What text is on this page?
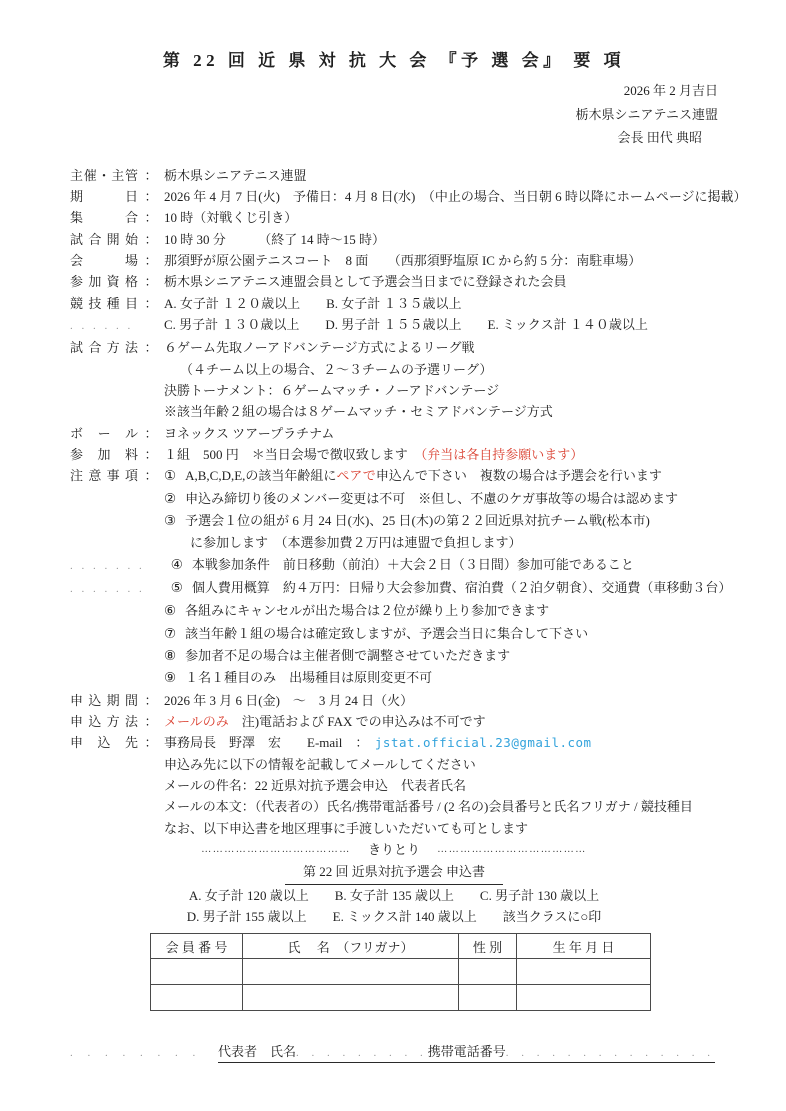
第 22 回 近 県 対 抗 大 会 『予 選 会』 要 項
2026 年 2 月吉日
栃木県シニアテニス連盟
会長 田代 典昭
主催・主管 ： 栃木県シニアテニス連盟
期日 ： 2026 年 4 月 7 日(火)　予備日：4 月 8 日(水)　（中止の場合、当日朝 6 時以降にホームページに掲載）
集合 ： 10 時（対戦くじ引き）
試合開始 ： 10 時 30 分　　　（終了 14 時～15 時）
会場 ： 那須野が原公園テニスコート　8 面　　（西那須野塩原 IC から約 5 分：南駐車場）
参加資格 ： 栃木県シニアテニス連盟会員として予選会当日までに登録された会員
競技種目 ： A. 女子計 １２０歳以上　　B. 女子計 １３５歳以上
. . . . . .	C. 男子計 １３０歳以上　　D. 男子計 １５５歳以上　　E. ミックス計 １４０歳以上
試合方法 ： ６ゲーム先取ノーアドバンテージ方式によるリーグ戦
（４チーム以上の場合、２～３チームの予選リーグ）
決勝トーナメント：６ゲームマッチ・ノーアドバンテージ
※該当年齢２組の場合は８ゲームマッチ・セミアドバンテージ方式
ボール ： ヨネックス ツアープラチナム
参加料 ： １組　500 円　＊当日会場で徴収致します　（弁当は各自持参願います）
注意事項 ： ① A,B,C,D,E,の該当年齢組にペアで申込んで下さい　複数の場合は予選会を行います
② 申込み締切り後のメンバー変更は不可　※但し、不慮のケガ事故等の場合は認めます
③ 予選会１位の組が 6 月 24 日(水)、25 日(木)の第２２回近県対抗チーム戦(松本市)
に参加します　（本選参加費２万円は連盟で負担します）
. . . . . . . ④ 本戦参加条件　前日移動（前泊）＋大会２日（３日間）参加可能であること
. . . . . . . ⑤ 個人費用概算　約４万円：日帰り大会参加費、宿泊費（２泊夕朝食）、交通費（車移動３台）
⑥ 各組みにキャンセルが出た場合は２位が繰り上り参加できます
⑦ 該当年齢１組の場合は確定致しますが、予選会当日に集合して下さい
⑧ 参加者不足の場合は主催者側で調整させていただきます
⑨ １名１種目のみ　出場種目は原則変更不可
申込期間 ： 2026 年 3 月 6 日(金)　～　3 月 24 日（火）
申込方法 ： メールのみ　注)電話および FAX での申込みは不可です
申込先 ： 事務局長　野澤　宏　　E-mail　：　jstat.official.23@gmail.com
申込み先に以下の情報を記載してメールしてください
メールの件名：22 近県対抗予選会申込　代表者氏名
メールの本文：（代表者の）氏名/携帯電話番号 / (2 名の)会員番号と氏名フリガナ / 競技種目
なお、以下申込書を地区理事に手渡しいただいても可とします
………………………………… きりとり …………………………………
第 22 回 近県対抗予選会 申込書
A. 女子計 120 歳以上　　B. 女子計 135 歳以上　　C. 男子計 130 歳以上
D. 男子計 155 歳以上　　E. ミックス計 140 歳以上　　該当クラスに○印
会 員 番 号	氏　 名　（フリガナ）	性 別	生 年 月 日

. . . . . . . .	代表者　氏名 . . . . . . . . . 携帯電話番号 . . . . . . . . . . . . . .
